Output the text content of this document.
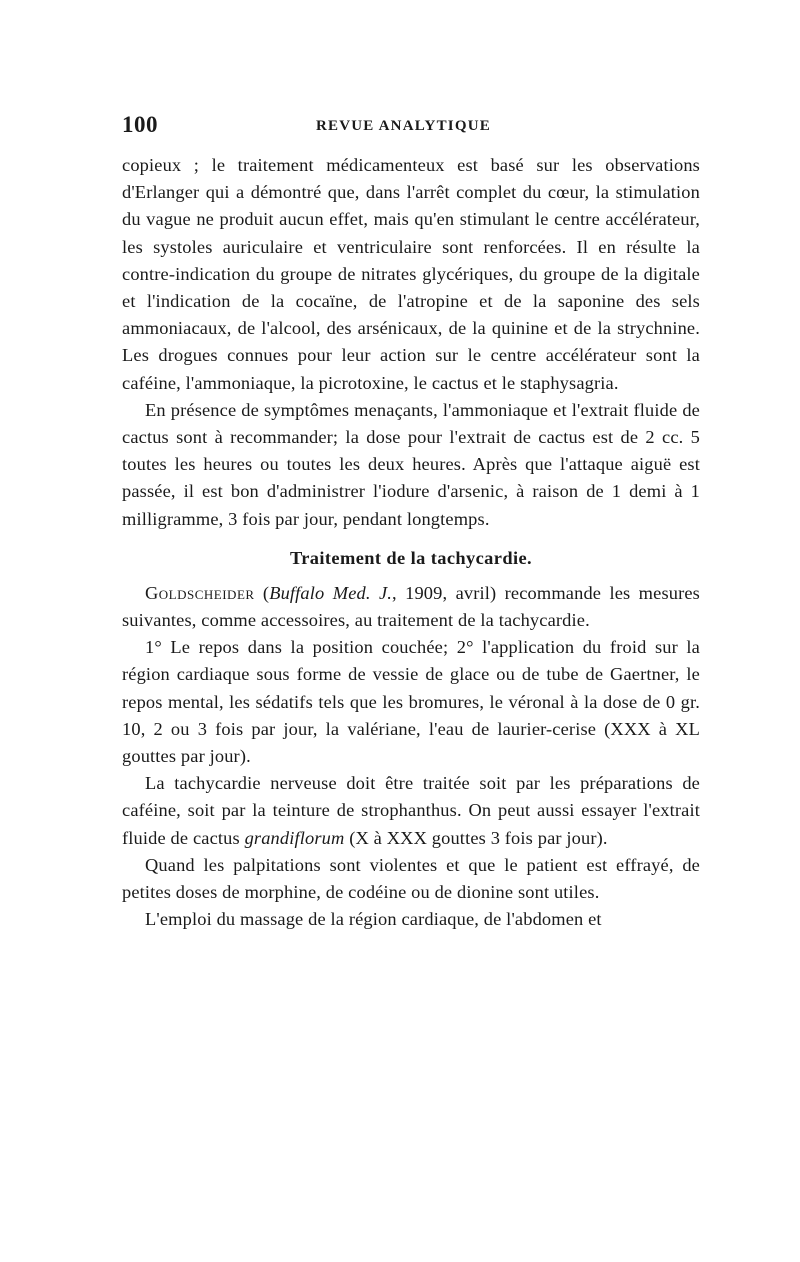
100	REVUE ANALYTIQUE

copieux ; le traitement médicamenteux est basé sur les observations d'Erlanger qui a démontré que, dans l'arrêt complet du cœur, la stimulation du vague ne produit aucun effet, mais qu'en stimulant le centre accélérateur, les systoles auriculaire et ventriculaire sont renforcées. Il en résulte la contre-indication du groupe de nitrates glycériques, du groupe de la digitale et l'indication de la cocaïne, de l'atropine et de la saponine des sels ammoniacaux, de l'alcool, des arsénicaux, de la quinine et de la strychnine. Les drogues connues pour leur action sur le centre accélérateur sont la caféine, l'ammoniaque, la picrotoxine, le cactus et le staphysagria.

En présence de symptômes menaçants, l'ammoniaque et l'extrait fluide de cactus sont à recommander; la dose pour l'extrait de cactus est de 2 cc. 5 toutes les heures ou toutes les deux heures. Après que l'attaque aiguë est passée, il est bon d'administrer l'iodure d'arsenic, à raison de 1 demi à 1 milligramme, 3 fois par jour, pendant longtemps.

Traitement de la tachycardie.

Goldscheider (Buffalo Med. J., 1909, avril) recommande les mesures suivantes, comme accessoires, au traitement de la tachycardie.

1° Le repos dans la position couchée; 2° l'application du froid sur la région cardiaque sous forme de vessie de glace ou de tube de Gaertner, le repos mental, les sédatifs tels que les bromures, le véronal à la dose de 0 gr. 10, 2 ou 3 fois par jour, la valériane, l'eau de laurier-cerise (XXX à XL gouttes par jour).

La tachycardie nerveuse doit être traitée soit par les préparations de caféine, soit par la teinture de strophanthus. On peut aussi essayer l'extrait fluide de cactus grandiflorum (X à XXX gouttes 3 fois par jour).

Quand les palpitations sont violentes et que le patient est effrayé, de petites doses de morphine, de codéine ou de dionine sont utiles.

L'emploi du massage de la région cardiaque, de l'abdomen et
